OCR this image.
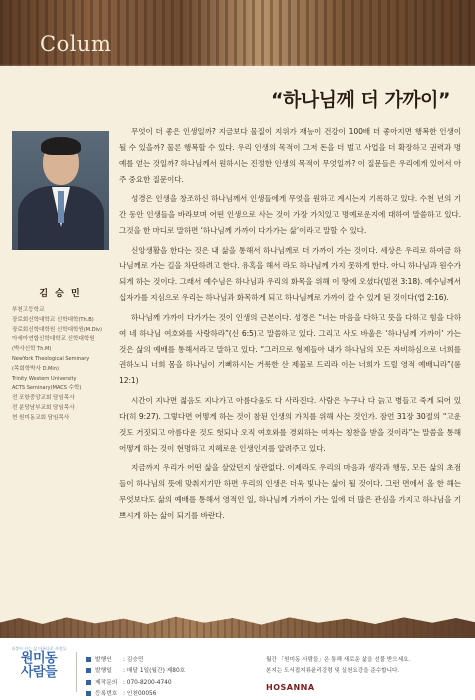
Colum
“하나님께 더 가까이”
김 승 민
부천고등학교
장로회신학대학교 신학대학(Th.B)
장로회신학대학원 신학대학원(M.Div)
아세아연합신학대학교 신학대학원
(박사신학 Th.M)
NewYork Theological Seminary
(목회학박사 D.Min)
Trinity Western University
ACTS Seminary(MACS 수학)
전 포항중앙교회 담임목사
전 분당남부교회 담임목사
현 원미동교회 담임목사

무엇이 더 좋은 인생일까? 지금보다 물질이 지위가 재능이 건강이 100배 더 좋아지면 행복한 인생이 될 수 있을까? 물론 행복할 수 있다. 우리 인생의 목적이 그저 돈을 더 벌고 사업을 더 확장하고 권력과 명예를 얻는 것일까? 하나님께서 원하시는 진정한 인생의 목적이 무엇일까? 이 질문들은 우리에게 있어서 아주 중요한 질문이다.

성경은 인생을 창조하신 하나님께서 인생들에게 무엇을 원하고 계시는지 기록하고 있다. 수천 년의 기간 동안 인생들을 바라보며 어떤 인생으로 사는 것이 가장 가치있고 명예로운지에 대하여 말씀하고 있다. 그것을 한 마디로 말하면 ‘하나님께 가까이 다가가는 삶’이라고 말할 수 있다.

신앙생활을 한다는 것은 내 삶을 통해서 하나님께로 더 가까이 가는 것이다. 세상은 우리로 하여금 하나님께로 가는 길을 차단하려고 한다. 유혹을 해서 라도 하나님께 가지 못하게 한다. 아니 하나님과 원수가 되게 하는 것이다. 그래서 예수님은 하나님과 우리의 화목을 위해 이 땅에 오셨다(빌전 3:18). 예수님께서 십자가를 지심으로 우리는 하나님과 화목하게 되고 하나님께로 가까이 갈 수 있게 된 것이다(엡 2:16).

하나님께 가까이 다가가는 것이 인생의 근본이다. 성경은 “너는 마음을 다하고 뜻을 다하고 힘을 다하여 네 하나님 여호와를 사랑하라”(신 6:5)고 말씀하고 있다. 그리고 사도 바울은 ‘하나님께 가까이’ 가는 것은 삶의 예배를 통해서라고 말하고 있다. “그러므로 형제들아 내가 하나님의 모든 자비하심으로 너희를 권하노니 너희 몸을 하나님이 기뻐하시는 거룩한 산 제물로 드리라 이는 너희가 드릴 영적 예배니라”(롬 12:1)

시간이 지나면 젊음도 지나가고 아름다움도 다 사라진다. 사람은 누구나 다 늙고 병들고 죽게 되어 있다(히 9:27). 그렇다면 어떻게 하는 것이 참된 인생의 가치를 위해 사는 것인가. 잠언 31장 30절의 “고운 것도 거짓되고 아름다운 것도 헛되나 오직 여호와를 경외하는 여자는 칭찬을 받을 것이라”는 말씀을 통해 어떻게 하는 것이 현명하고 지혜로운 인생인지를 알려주고 있다.

지금까지 우리가 어떤 삶을 살았던지 상관없다. 이제라도 우리의 마음과 생각과 행동, 모든 삶의 초점들이 하나님의 뜻에 맞춰지기만 하면 우리의 인생은 더욱 빛나는 삶이 될 것이다. 그런 면에서 올 한 해는 무엇보다도 삶의 예배를 통해서 영적인 일, 하나님께 가까이 가는 일에 더 많은 관심을 가지고 하나님을 기쁘시게 하는 삶이 되기를 바란다.

더불어 사는 삶 아름다운 사람들
원미동
사람들
발행인 : 김승민
발행일 : 매달 1일(월간) 제80호
제작문의 : 070-8200-4740
등록번호 : 인천00056
월간 「원미동 사람들」은 통해 새로운 삶을 선물 받으세요.
본지는 도서접지류윤리강령 및 실천요강을 준수합니다.
HOSANNA
